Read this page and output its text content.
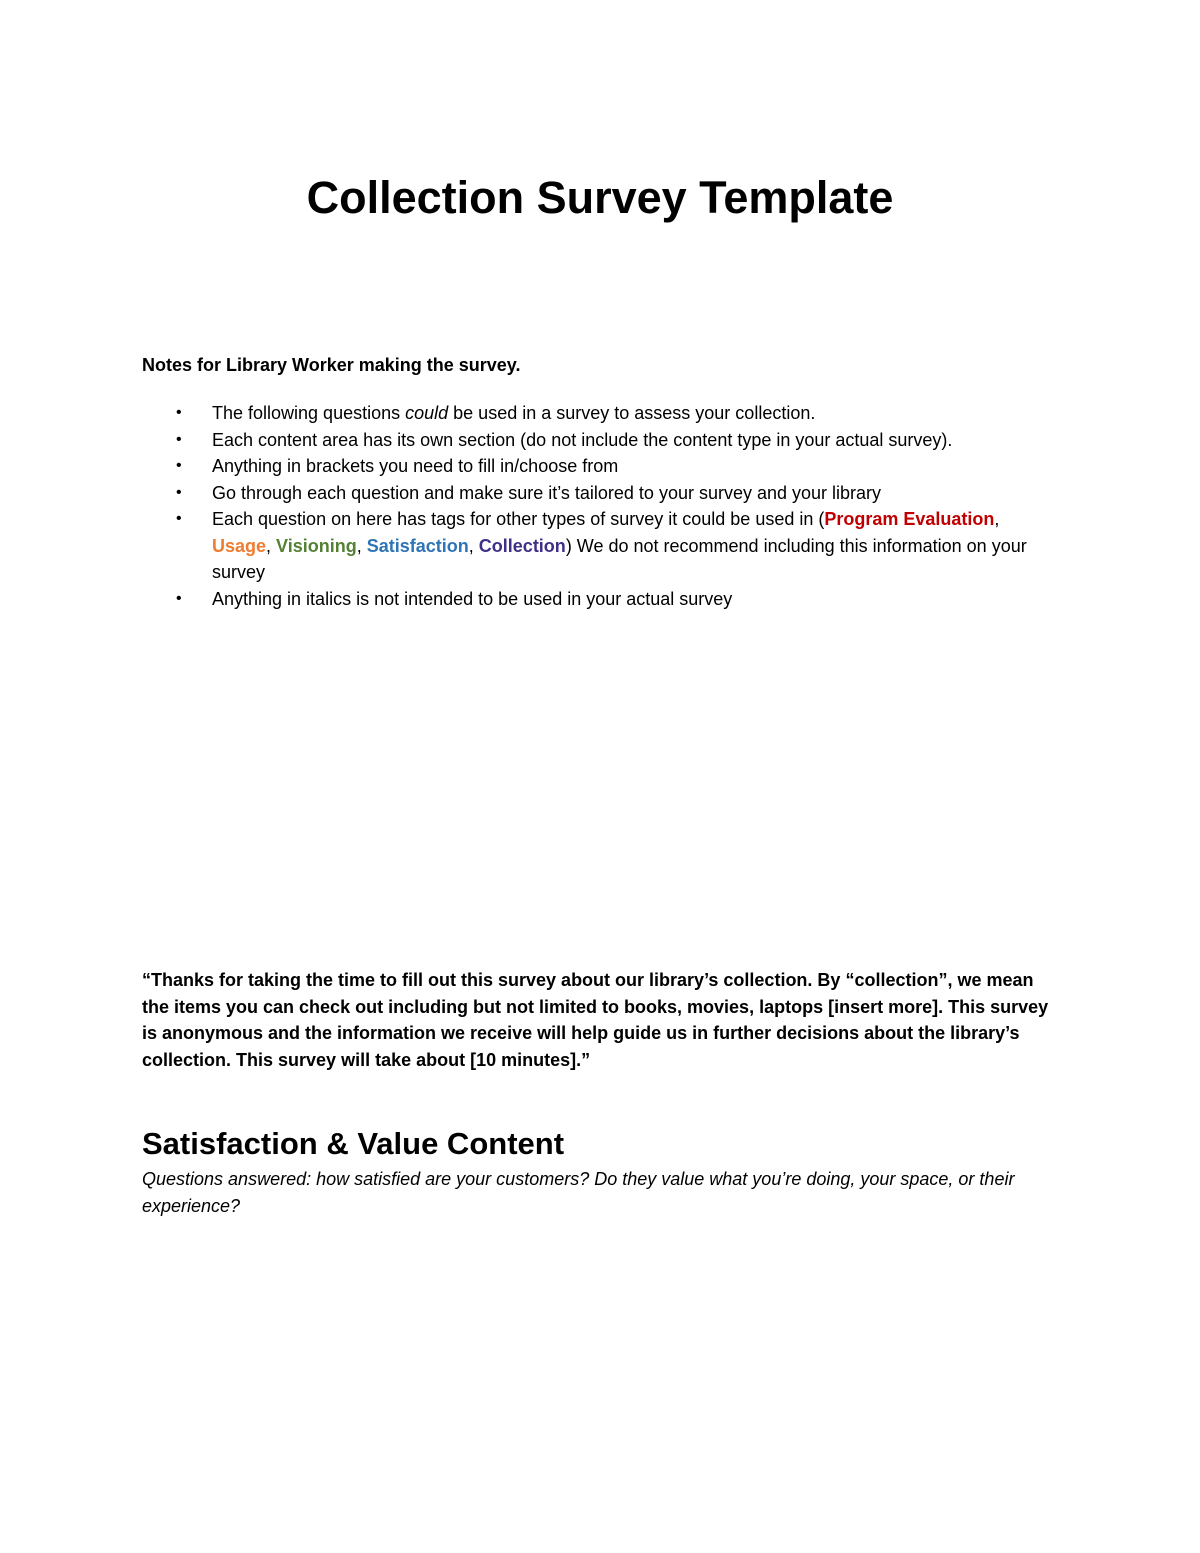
Collection Survey Template
Notes for Library Worker making the survey.
• The following questions could be used in a survey to assess your collection.
• Each content area has its own section (do not include the content type in your actual survey).
• Anything in brackets you need to fill in/choose from
• Go through each question and make sure it’s tailored to your survey and your library
• Each question on here has tags for other types of survey it could be used in (Program Evaluation, Usage, Visioning, Satisfaction, Collection) We do not recommend including this information on your survey
• Anything in italics is not intended to be used in your actual survey
“Thanks for taking the time to fill out this survey about our library’s collection. By “collection”, we mean the items you can check out including but not limited to books, movies, laptops [insert more]. This survey is anonymous and the information we receive will help guide us in further decisions about the library’s collection. This survey will take about [10 minutes].”
Satisfaction & Value Content
Questions answered: how satisfied are your customers? Do they value what you’re doing, your space, or their experience?
